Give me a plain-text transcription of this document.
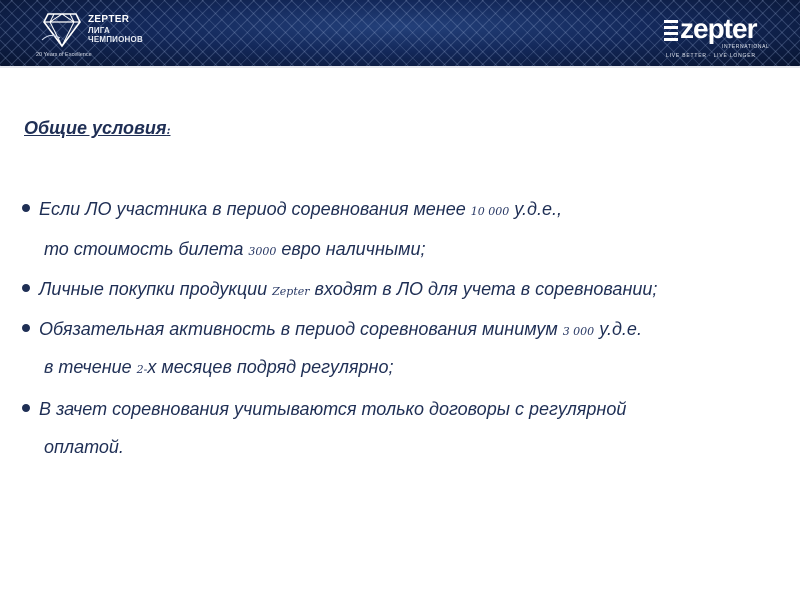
ZEPTER
ЛИГА
ЧЕМПИОНОВ
20 Years of Excellence
zepter
INTERNATIONAL
LIVE BETTER · LIVE LONGER
Общие условия:
Если ЛО участника в период соревнования менее 10 000 у.д.е.,
то стоимость билета 3000 евро наличными;
Личные покупки продукции Zepter входят в ЛО для учета в соревновании;
Обязательная активность в период соревнования минимум 3 000 у.д.е.
в течение 2-х месяцев подряд регулярно;
В зачет соревнования учитываются только договоры с регулярной
оплатой.
